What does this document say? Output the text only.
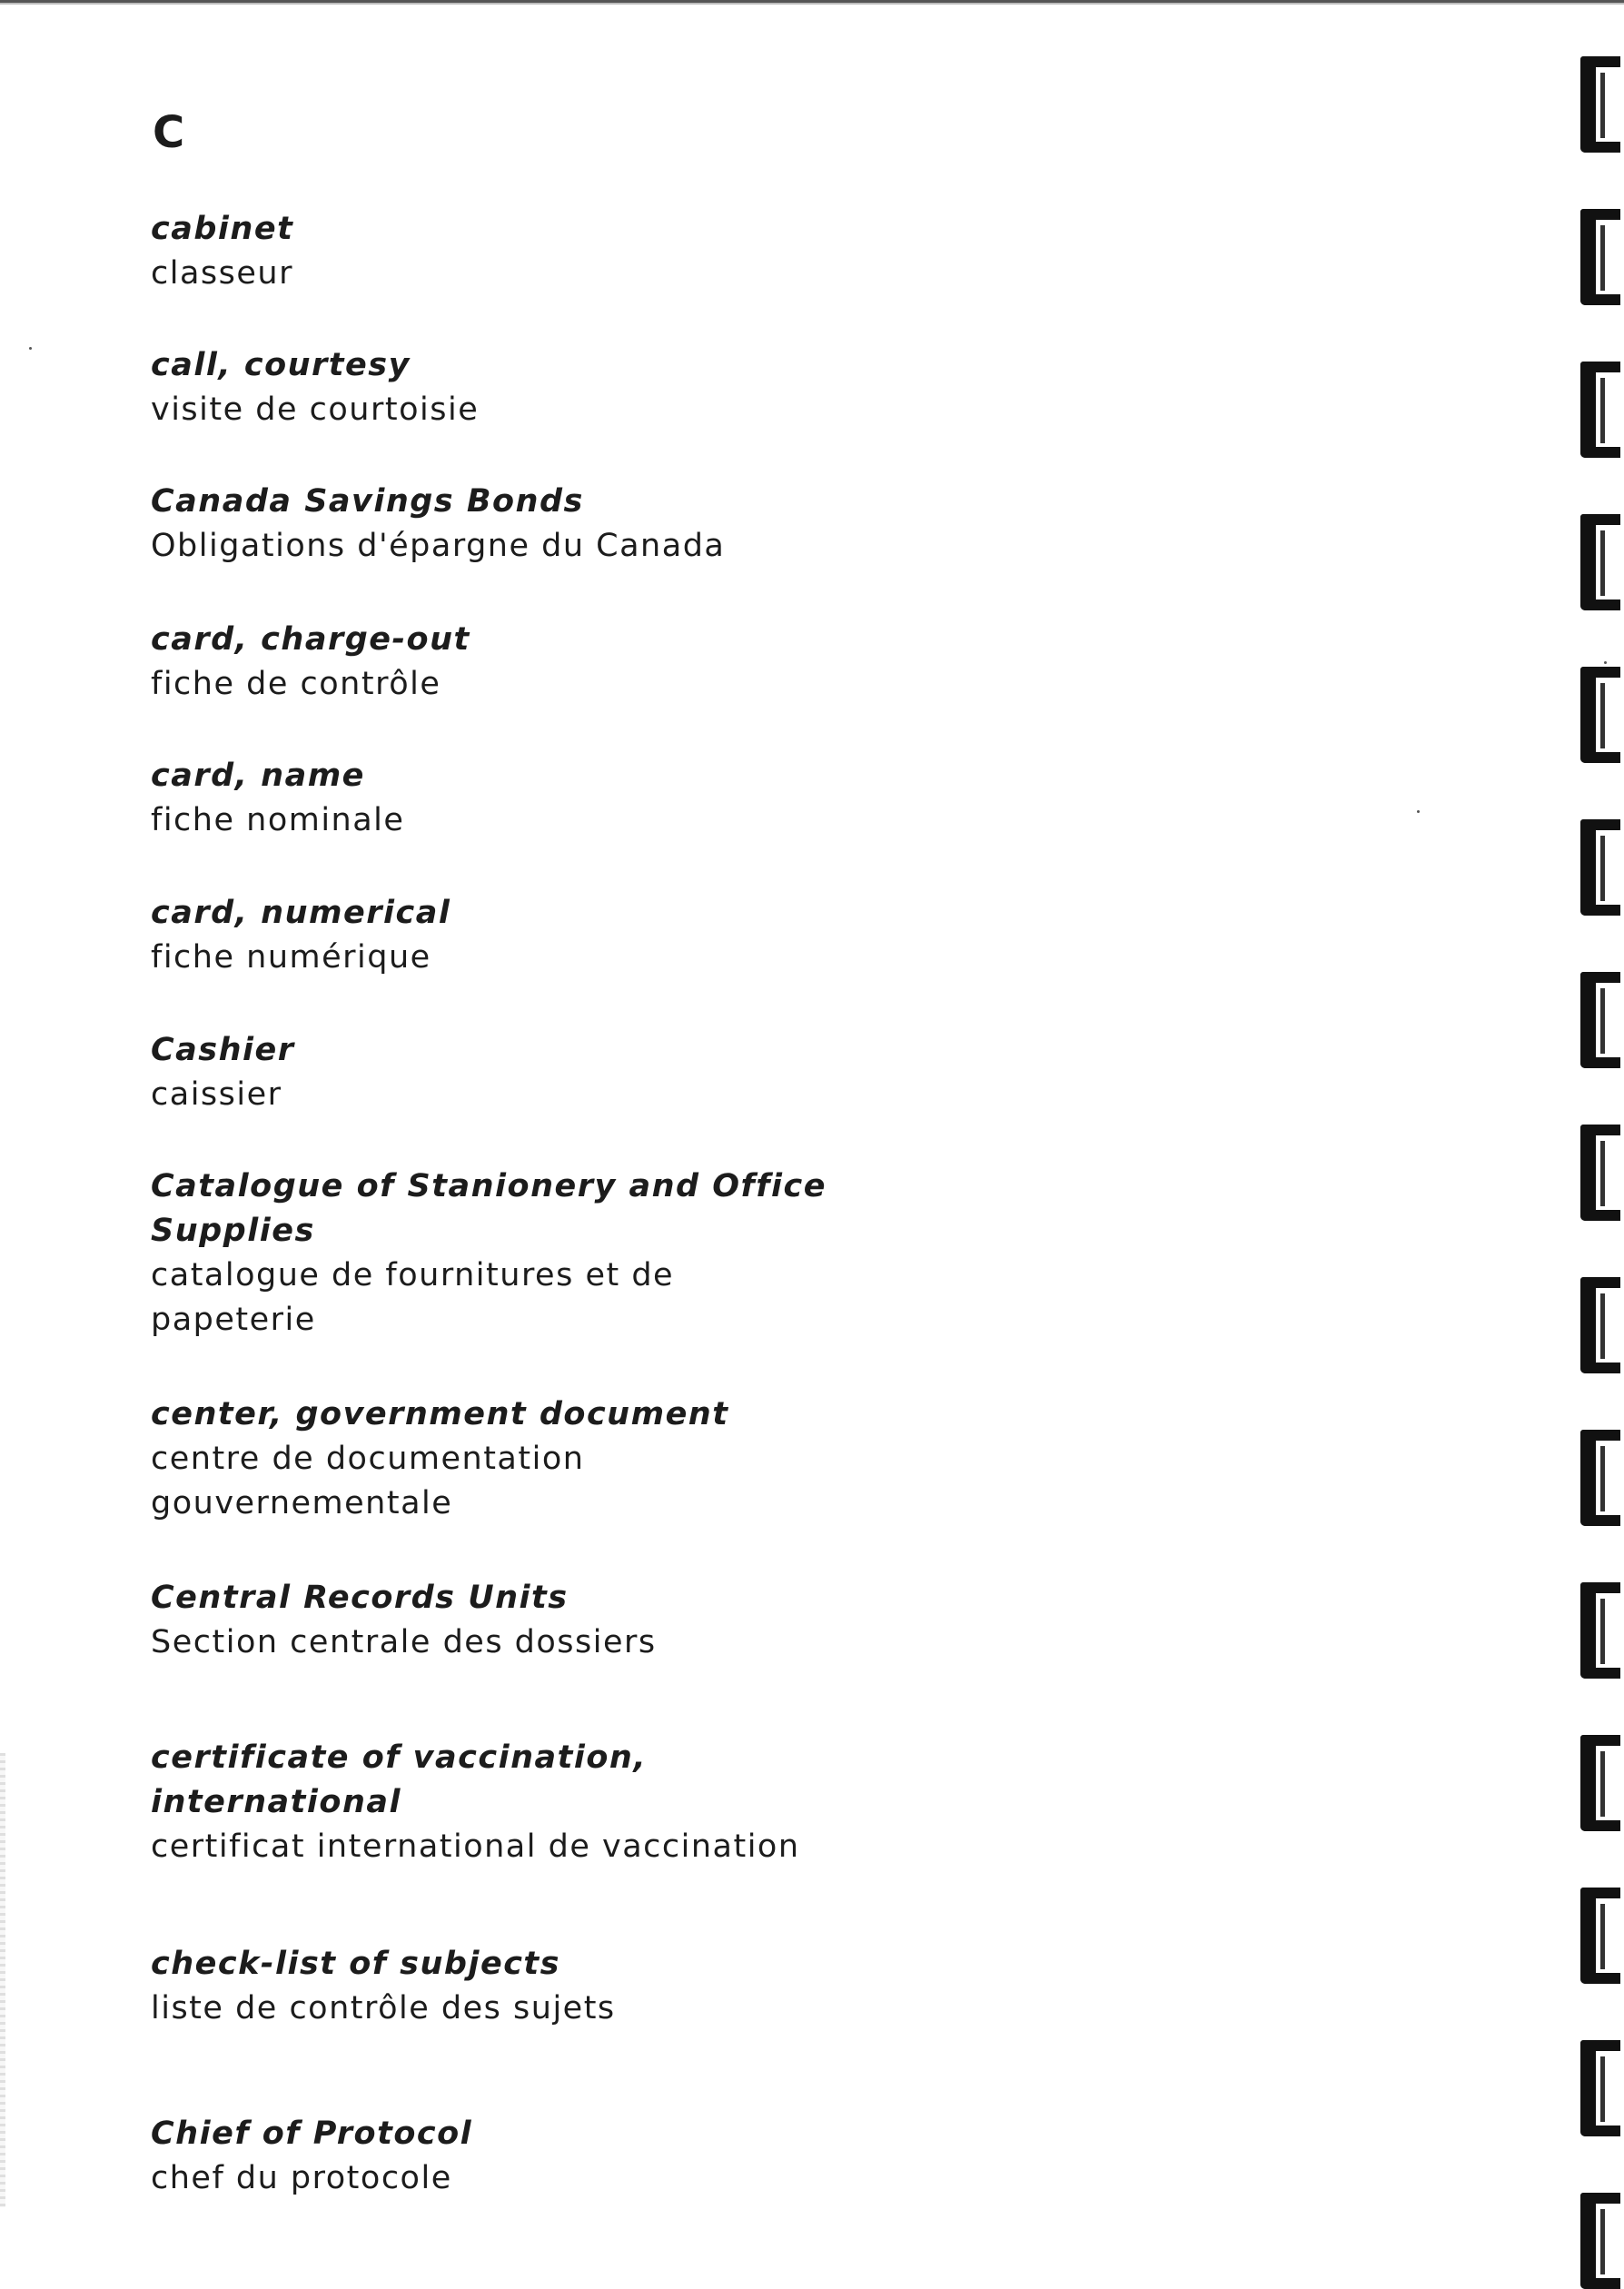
C
cabinet
classeur
call, courtesy
visite de courtoisie
Canada Savings Bonds
Obligations d'épargne du Canada
card, charge-out
fiche de contrôle
card, name
fiche nominale
card, numerical
fiche numérique
Cashier
caissier
Catalogue of Stanionery and Office
Supplies
catalogue de fournitures et de
papeterie
center, government document
centre de documentation
gouvernementale
Central Records Units
Section centrale des dossiers
certificate of vaccination,
international
certificat international de vaccination
check-list of subjects
liste de contrôle des sujets
Chief of Protocol
chef du protocole
